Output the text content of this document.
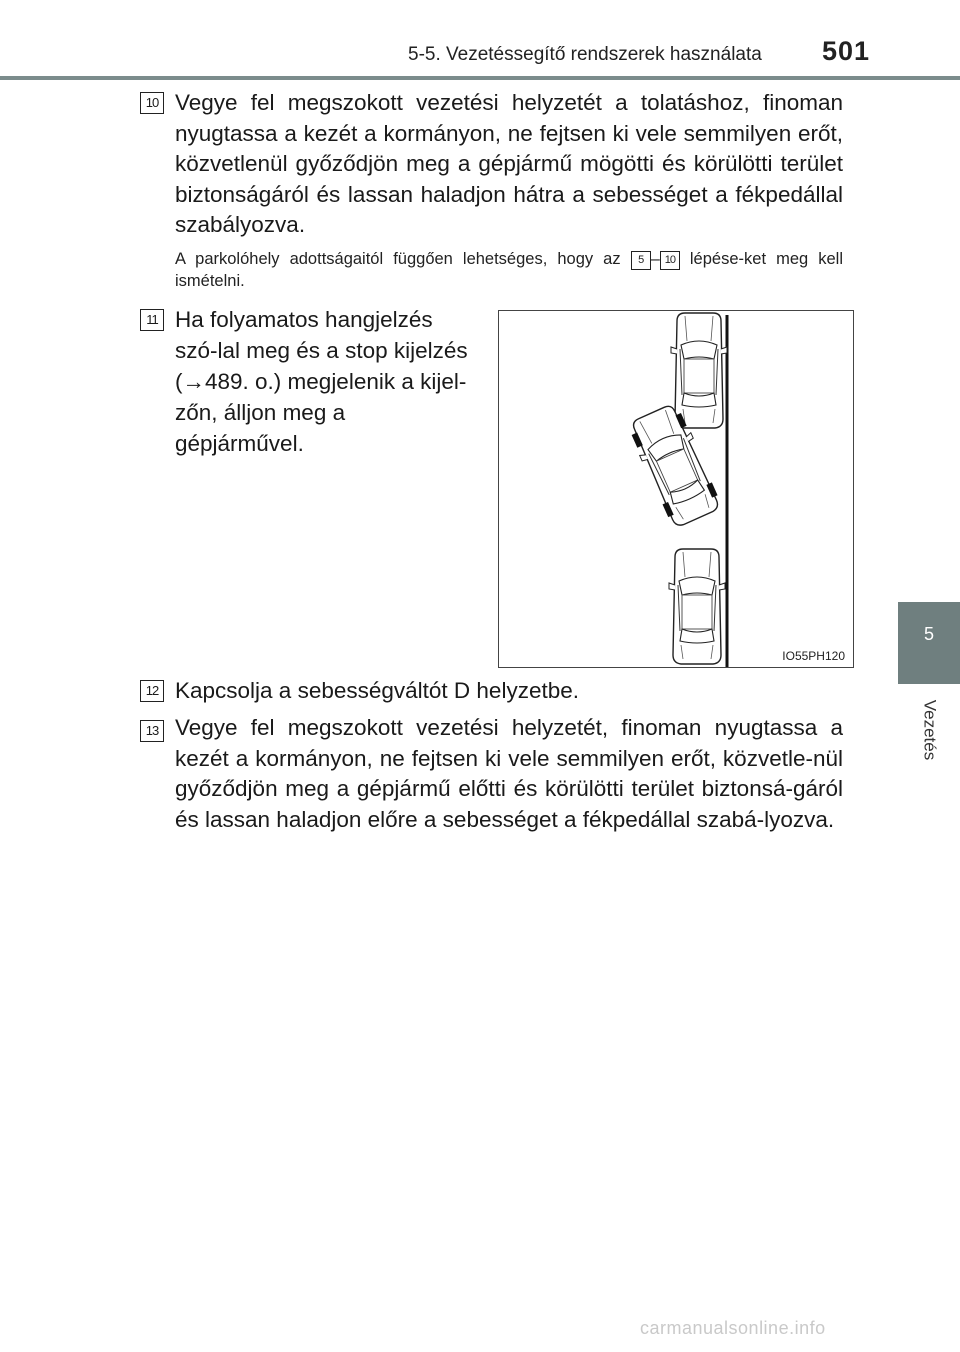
5-5. Vezetéssegítő rendszerek használata 501
5
Vezetés
10 Vegye fel megszokott vezetési helyzetét a tolatáshoz, finoman nyugtassa a kezét a kormányon, ne fejtsen ki vele semmilyen erőt, közvetlenül győződjön meg a gépjármű mögötti és körülötti terület biztonságáról és lassan haladjon hátra a sebességet a fékpedállal szabályozva.
A parkolóhely adottságaitól függően lehetséges, hogy az 5 – 10 lépése-ket meg kell ismételni.
11 Ha folyamatos hangjelzés szó-lal meg és a stop kijelzés (→489. o.) megjelenik a kijel-zőn, álljon meg a gépjárművel.
IO55PH120
12 Kapcsolja a sebességváltót D helyzetbe.
13 Vegye fel megszokott vezetési helyzetét, finoman nyugtassa a kezét a kormányon, ne fejtsen ki vele semmilyen erőt, közvetle-nül győződjön meg a gépjármű előtti és körülötti terület biztonsá-gáról és lassan haladjon előre a sebességet a fékpedállal szabá-lyozva.
carmanualsonline.info
